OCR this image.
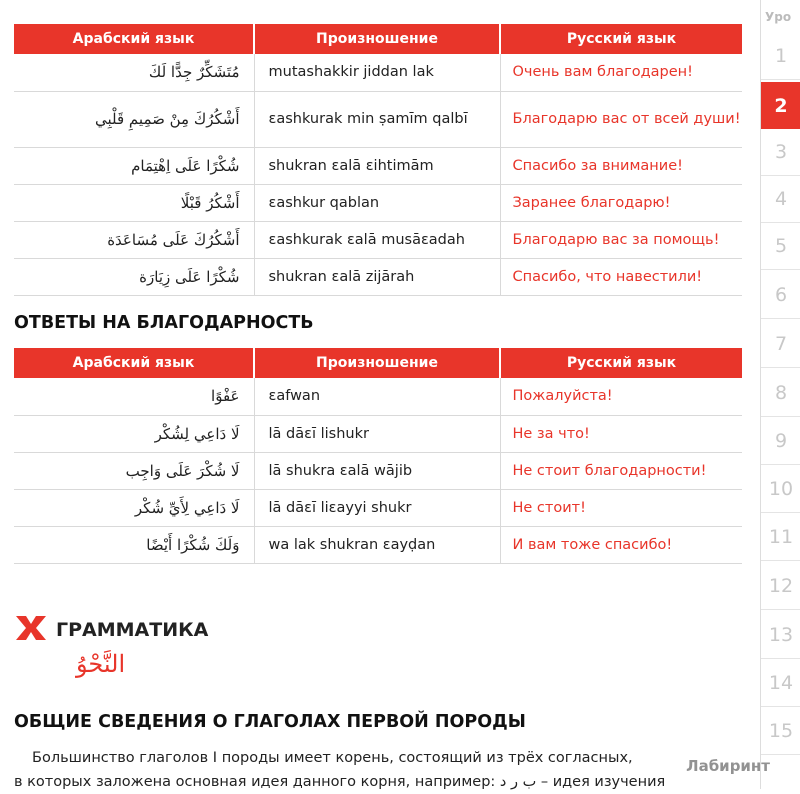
Арабский язык	Произношение	Русский язык
مُتَشَكِّرٌ جِدًّا لَكَ	mutashakkir jiddan lak	Очень вам благодарен!
أَشْكُرُكَ مِنْ صَمِيمِ قَلْبِي	εashkurak min ṣamīm qalbī	Благодарю вас от всей души!
شُكْرًا عَلَى اِهْتِمَام	shukran εalā εihtimām	Спасибо за внимание!
أَشْكُرُ قَبْلًا	εashkur qablan	Заранее благодарю!
أَشْكُرُكَ عَلَى مُسَاعَدَة	εashkurak εalā musāεadah	Благодарю вас за помощь!
شُكْرًا عَلَى زِيَارَة	shukran εalā zijārah	Спасибо, что навестили!
ОТВЕТЫ НА БЛАГОДАРНОСТЬ
Арабский язык	Произношение	Русский язык
عَفْوًا	εafwan	Пожалуйста!
لَا دَاعِي لِشُكْر	lā dāεī lishukr	Не за что!
لَا شُكْرَ عَلَى وَاجِب	lā shukra εalā wājib	Не стоит благодарности!
لَا دَاعِي لِأَيِّ شُكْر	lā dāεī liεayyi shukr	Не стоит!
وَلَكَ شُكْرًا أَيْضًا	wa lak shukran εayḍan	И вам тоже спасибо!
ГРАММАТИКА
النَّحْوُ
ОБЩИЕ СВЕДЕНИЯ О ГЛАГОЛАХ ПЕРВОЙ ПОРОДЫ
Большинство глаголов I породы имеет корень, состоящий из трёх согласных,
в которых заложена основная идея данного корня, например: ب ر د – идея изучения
Уро
1
2
3
4
5
6
7
8
9
10
11
12
13
14
15
Лабиринт
